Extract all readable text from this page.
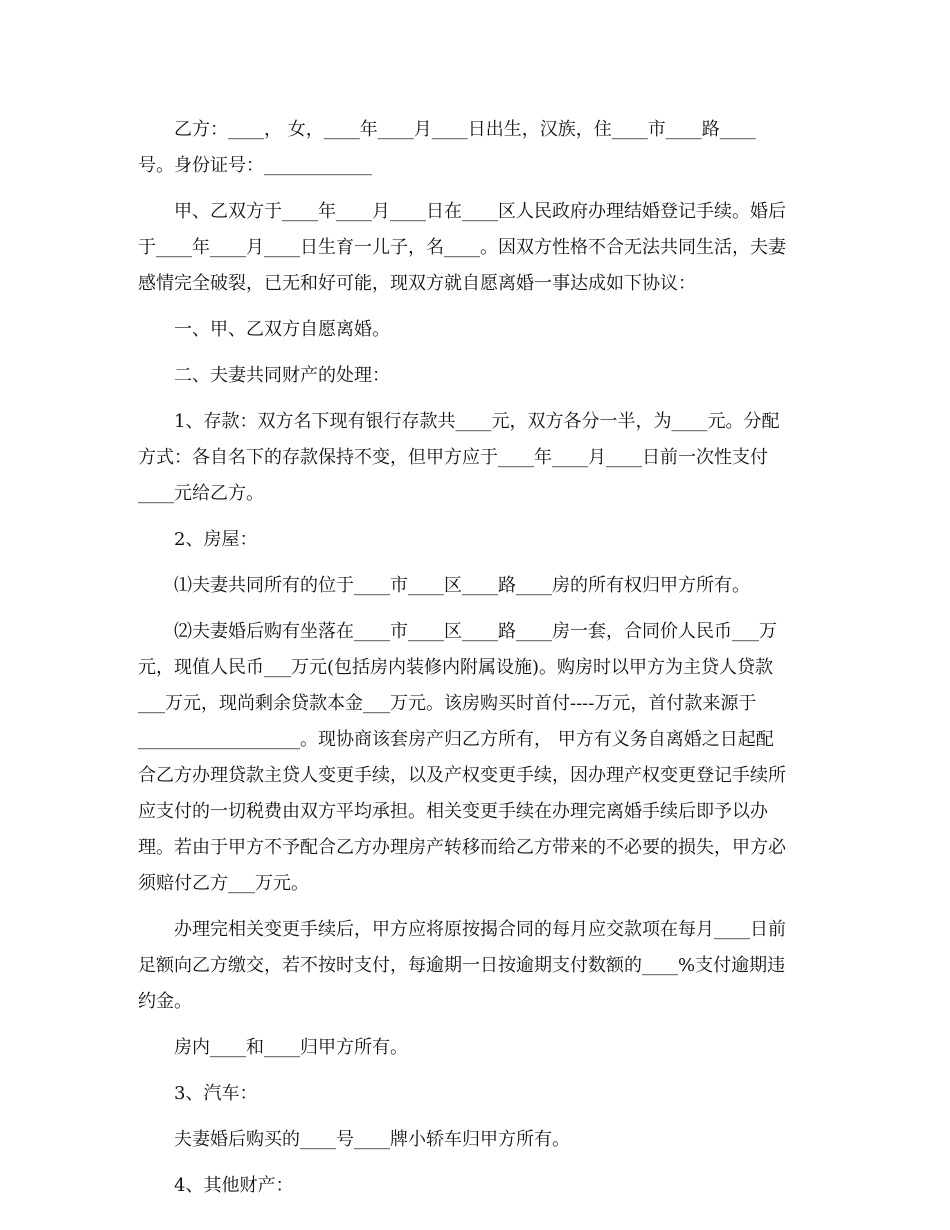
乙方：____， 女，____年____月____日出生，汉族，住____市____路____
号。身份证号：____________
甲、乙双方于____年____月____日在____区人民政府办理结婚登记手续。婚后
于____年____月____日生育一儿子，名____。因双方性格不合无法共同生活，夫妻
感情完全破裂，已无和好可能，现双方就自愿离婚一事达成如下协议：
一、甲、乙双方自愿离婚。
二、夫妻共同财产的处理：
1、存款：双方名下现有银行存款共____元，双方各分一半，为____元。分配
方式：各自名下的存款保持不变，但甲方应于____年____月____日前一次性支付
____元给乙方。
2、房屋：
⑴夫妻共同所有的位于____市____区____路____房的所有权归甲方所有。
⑵夫妻婚后购有坐落在____市____区____路____房一套，合同价人民币___万
元，现值人民币___万元(包括房内装修内附属设施)。购房时以甲方为主贷人贷款
___万元，现尚剩余贷款本金___万元。该房购买时首付----万元，首付款来源于
__________________。现协商该套房产归乙方所有， 甲方有义务自离婚之日起配
合乙方办理贷款主贷人变更手续，以及产权变更手续，因办理产权变更登记手续所
应支付的一切税费由双方平均承担。相关变更手续在办理完离婚手续后即予以办
理。若由于甲方不予配合乙方办理房产转移而给乙方带来的不必要的损失，甲方必
须赔付乙方___万元。
办理完相关变更手续后，甲方应将原按揭合同的每月应交款项在每月____日前
足额向乙方缴交，若不按时支付，每逾期一日按逾期支付数额的____%支付逾期违
约金。
房内____和____归甲方所有。
3、汽车：
夫妻婚后购买的____号____牌小轿车归甲方所有。
4、其他财产：
